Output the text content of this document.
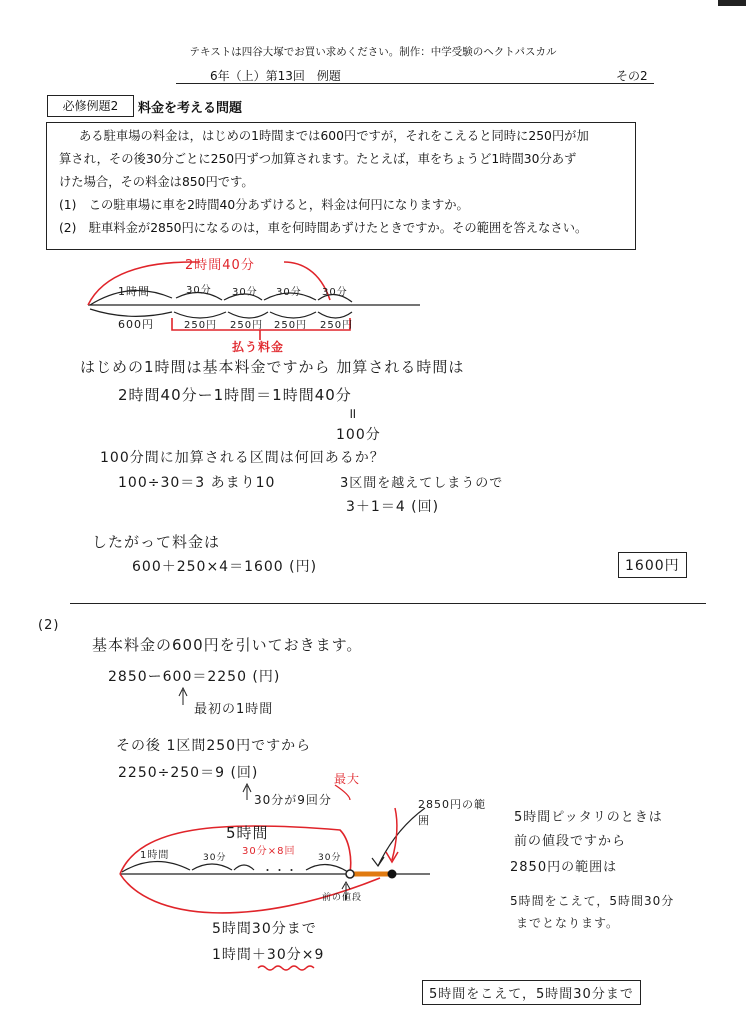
テキストは四谷大塚でお買い求めください。制作：中学受験のヘクトパスカル
6年（上）第13回　例題	その2
必修例題2	料金を考える問題

ある駐車場の料金は，はじめの1時間までは600円ですが，それをこえると同時に250円が加

算され，その後30分ごとに250円ずつ加算されます。たとえば，車をちょうど1時間30分あず

けた場合，その料金は850円です。

(1)　この駐車場に車を2時間40分あずけると，料金は何円になりますか。

(2)　駐車料金が2850円になるのは，車を何時間あずけたときですか。その範囲を答えなさい。

2時間40分
1時間	30分 30分 30分 30分
600円	250円 250円 250円 250円
払う料金
はじめの1時間は基本料金ですから 加算される時間は
2時間40分ー1時間＝1時間40分
॥
100分
100分間に加算される区間は何回あるか？
100÷30＝3 あまり10	3区間を越えてしまうので
3＋1＝4 (回)
したがって料金は
600＋250×4＝1600 (円)	1600円
(2)
基本料金の600円を引いておきます。
2850ー600＝2250 (円)
最初の1時間
その後 1区間250円ですから
2250÷250＝9 (回)
30分が9回分
最大
5時間
30分×8回
1時間	30分	30分
・・・
前の値段
2850円の範囲
5時間30分まで
1時間＋30分×9
5時間ピッタリのときは
前の値段ですから
2850円の範囲は
5時間をこえて，5時間30分
までとなります。
5時間をこえて，5時間30分まで
